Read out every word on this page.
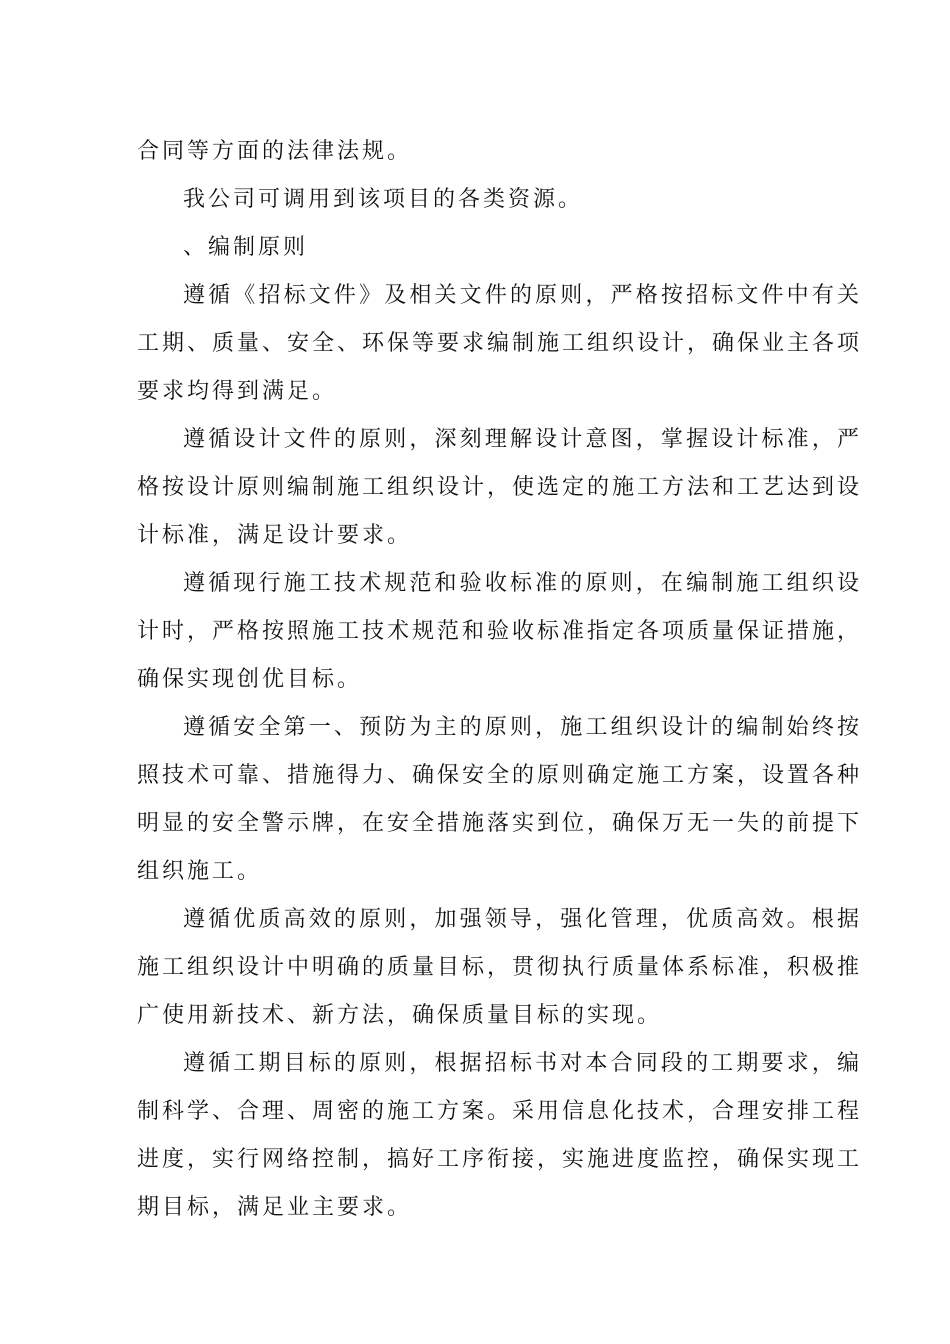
合同等方面的法律法规。

我公司可调用到该项目的各类资源。

、编制原则

遵循《招标文件》及相关文件的原则，严格按招标文件中有关工期、质量、安全、环保等要求编制施工组织设计，确保业主各项要求均得到满足。

遵循设计文件的原则，深刻理解设计意图，掌握设计标准，严格按设计原则编制施工组织设计，使选定的施工方法和工艺达到设计标准，满足设计要求。

遵循现行施工技术规范和验收标准的原则，在编制施工组织设计时，严格按照施工技术规范和验收标准指定各项质量保证措施，确保实现创优目标。

遵循安全第一、预防为主的原则，施工组织设计的编制始终按照技术可靠、措施得力、确保安全的原则确定施工方案，设置各种明显的安全警示牌，在安全措施落实到位，确保万无一失的前提下组织施工。

遵循优质高效的原则，加强领导，强化管理，优质高效。根据施工组织设计中明确的质量目标，贯彻执行质量体系标准，积极推广使用新技术、新方法，确保质量目标的实现。

遵循工期目标的原则，根据招标书对本合同段的工期要求，编制科学、合理、周密的施工方案。采用信息化技术，合理安排工程进度，实行网络控制，搞好工序衔接，实施进度监控，确保实现工期目标，满足业主要求。
